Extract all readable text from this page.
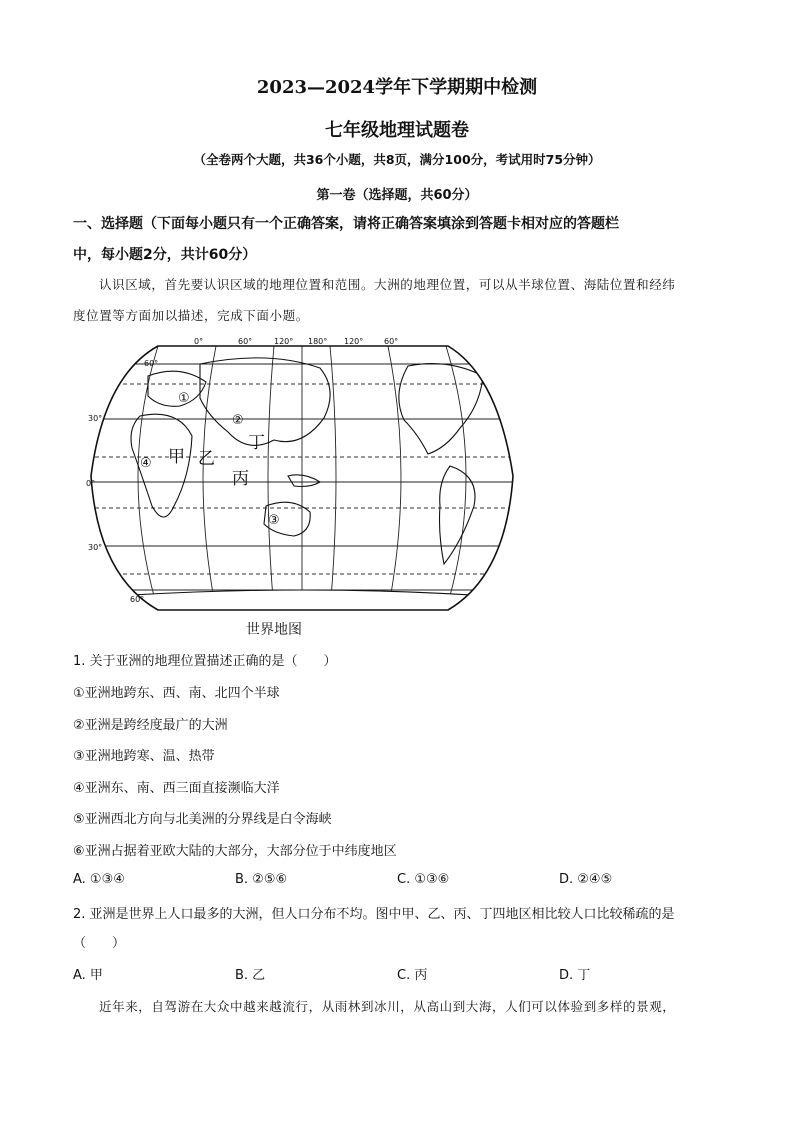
2023—2024学年下学期期中检测
七年级地理试题卷
（全卷两个大题，共36个小题，共8页，满分100分，考试用时75分钟）
第一卷（选择题，共60分）
一、选择题（下面每小题只有一个正确答案，请将正确答案填涂到答题卡相对应的答题栏
中，每小题2分，共计60分）
认识区域，首先要认识区域的地理位置和范围。大洲的地理位置，可以从半球位置、海陆位置和经纬
度位置等方面加以描述，完成下面小题。
0°	60°	120° 180° 120°	60°
60°
30°
0°
30°
60°
①
②
③
④ 甲 乙
丙
丁
世界地图
1. 关于亚洲的地理位置描述正确的是（　　）
①亚洲地跨东、西、南、北四个半球
②亚洲是跨经度最广的大洲
③亚洲地跨寒、温、热带
④亚洲东、南、西三面直接濒临大洋
⑤亚洲西北方向与北美洲的分界线是白令海峡
⑥亚洲占据着亚欧大陆的大部分，大部分位于中纬度地区
A. ①③④	B. ②⑤⑥	C. ①③⑥	D. ②④⑤
2. 亚洲是世界上人口最多的大洲，但人口分布不均。图中甲、乙、丙、丁四地区相比较人口比较稀疏的是
（　　）
A. 甲	B. 乙	C. 丙	D. 丁
近年来，自驾游在大众中越来越流行，从雨林到冰川，从高山到大海，人们可以体验到多样的景观，
